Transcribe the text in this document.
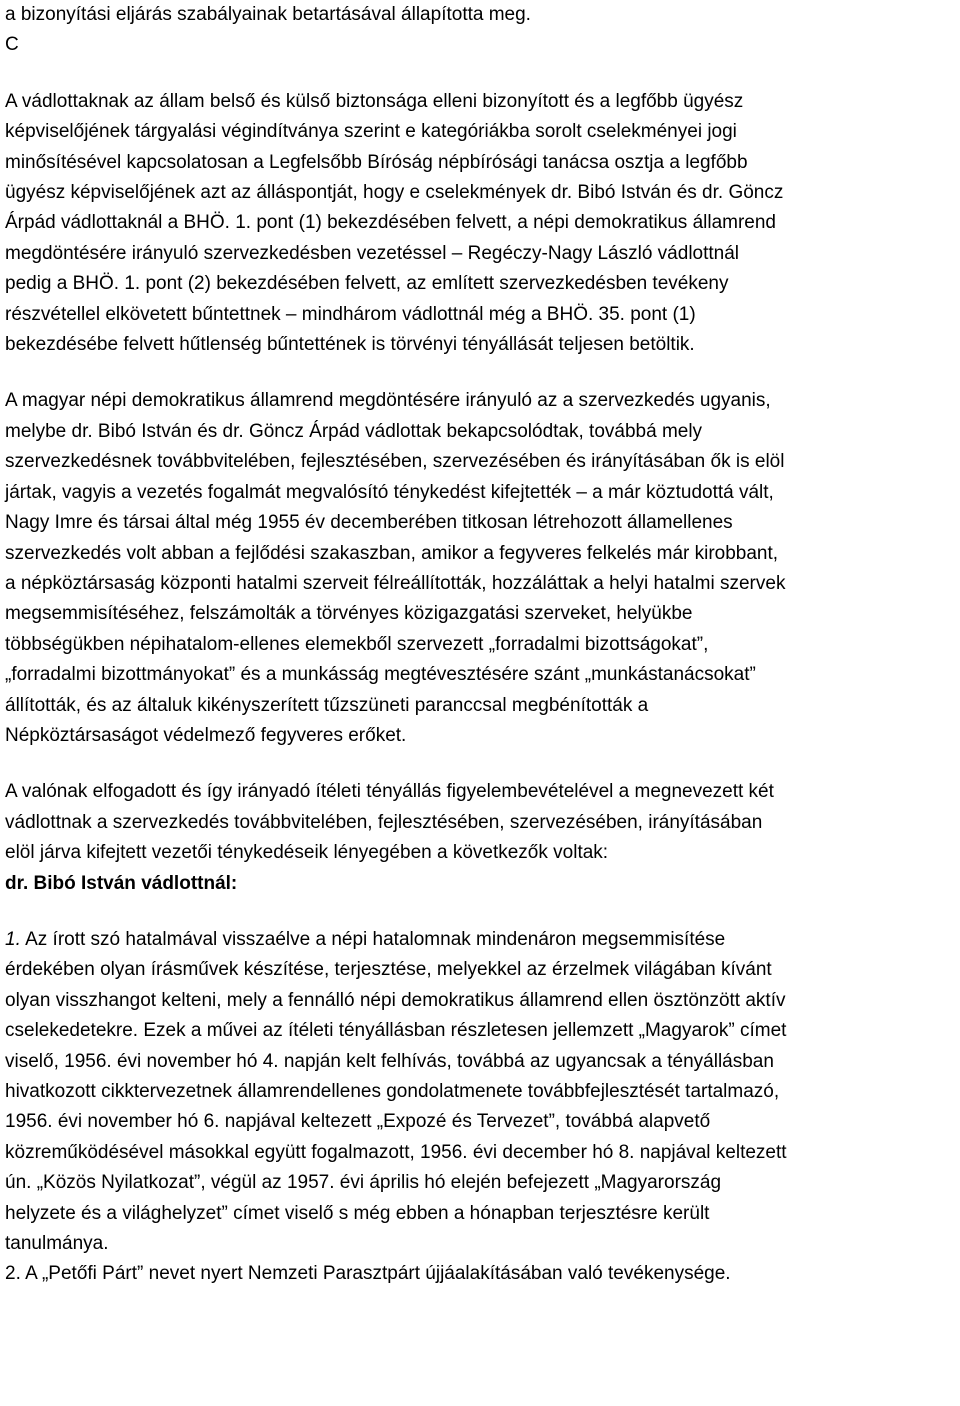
a bizonyítási eljárás szabályainak betartásával állapította meg.

C

A vádlottaknak az állam belső és külső biztonsága elleni bizonyított és a legfőbb ügyész
képviselőjének tárgyalási végindítványa szerint e kategóriákba sorolt cselekményei jogi
minősítésével kapcsolatosan a Legfelsőbb Bíróság népbírósági tanácsa osztja a legfőbb
ügyész képviselőjének azt az álláspontját, hogy e cselekmények dr. Bibó István és dr. Göncz
Árpád vádlottaknál a BHÖ. 1. pont (1) bekezdésében felvett, a népi demokratikus államrend
megdöntésére irányuló szervezkedésben vezetéssel – Regéczy-Nagy László vádlottnál
pedig a BHÖ. 1. pont (2) bekezdésében felvett, az említett szervezkedésben tevékeny
részvétellel elkövetett bűntettnek – mindhárom vádlottnál még a BHÖ. 35. pont (1)
bekezdésébe felvett hűtlenség bűntettének is törvényi tényállását teljesen betöltik.
A magyar népi demokratikus államrend megdöntésére irányuló az a szervezkedés ugyanis,
melybe dr. Bibó István és dr. Göncz Árpád vádlottak bekapcsolódtak, továbbá mely
szervezkedésnek továbbvitelében, fejlesztésében, szervezésében és irányításában ők is elöl
jártak, vagyis a vezetés fogalmát megvalósító ténykedést kifejtették – a már köztudottá vált,
Nagy Imre és társai által még 1955 év decemberében titkosan létrehozott államellenes
szervezkedés volt abban a fejlődési szakaszban, amikor a fegyveres felkelés már kirobbant,
a népköztársaság központi hatalmi szerveit félreállították, hozzáláttak a helyi hatalmi szervek
megsemmisítéséhez, felszámolták a törvényes közigazgatási szerveket, helyükbe
többségükben népihatalom-ellenes elemekből szervezett „forradalmi bizottságokat”,
„forradalmi bizottmányokat” és a munkásság megtévesztésére szánt „munkástanácsokat”
állították, és az általuk kikényszerített tűzszüneti paranccsal megbénították a
Népköztársaságot védelmező fegyveres erőket.
A valónak elfogadott és így irányadó ítéleti tényállás figyelembevételével a megnevezett két
vádlottnak a szervezkedés továbbvitelében, fejlesztésében, szervezésében, irányításában
elöl járva kifejtett vezetői ténykedéseik lényegében a következők voltak:

dr. Bibó István vádlottnál:

1. Az írott szó hatalmával visszaélve a népi hatalomnak mindenáron megsemmisítése
érdekében olyan írásművek készítése, terjesztése, melyekkel az érzelmek világában kívánt
olyan visszhangot kelteni, mely a fennálló népi demokratikus államrend ellen ösztönzött aktív
cselekedetekre. Ezek a művei az ítéleti tényállásban részletesen jellemzett „Magyarok” címet
viselő, 1956. évi november hó 4. napján kelt felhívás, továbbá az ugyancsak a tényállásban
hivatkozott cikktervezetnek államrendellenes gondolatmenete továbbfejlesztését tartalmazó,
1956. évi november hó 6. napjával keltezett „Expozé és Tervezet”, továbbá alapvető
közreműködésével másokkal együtt fogalmazott, 1956. évi december hó 8. napjával keltezett
ún. „Közös Nyilatkozat”, végül az 1957. évi április hó elején befejezett „Magyarország
helyzete és a világhelyzet” címet viselő s még ebben a hónapban terjesztésre került
tanulmánya.

2. A „Petőfi Párt” nevet nyert Nemzeti Parasztpárt újjáalakításában való tevékenysége.
